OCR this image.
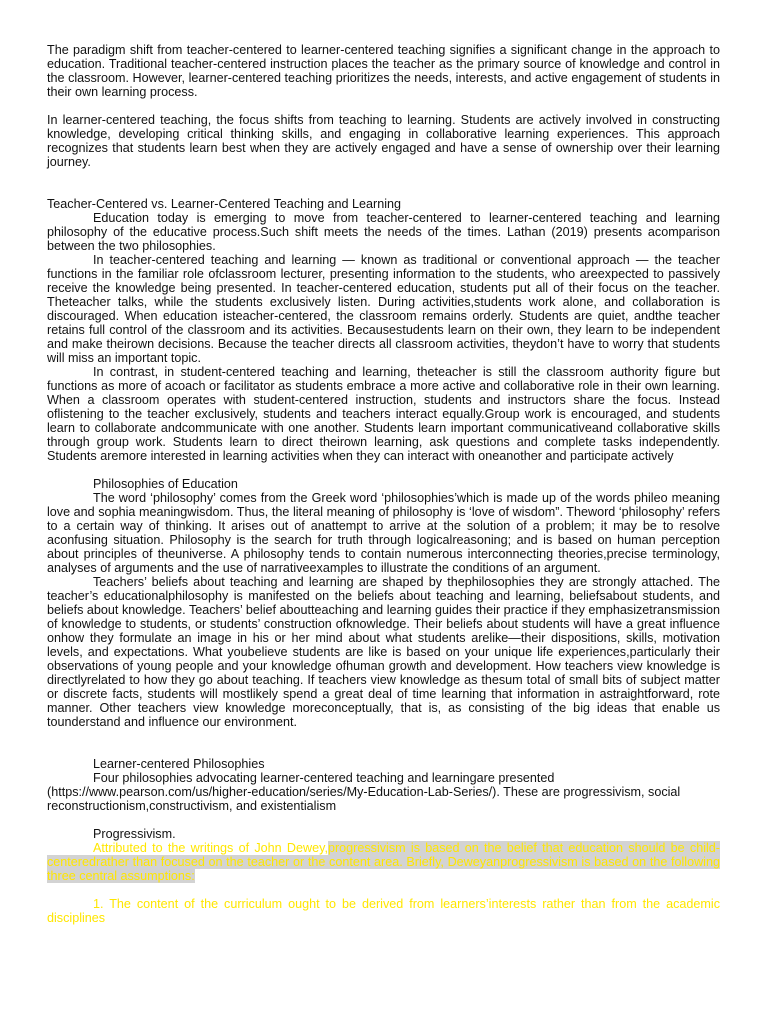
The paradigm shift from teacher-centered to learner-centered teaching signifies a significant change in the approach to education. Traditional teacher-centered instruction places the teacher as the primary source of knowledge and control in the classroom. However, learner-centered teaching prioritizes the needs, interests, and active engagement of students in their own learning process.

In learner-centered teaching, the focus shifts from teaching to learning. Students are actively involved in constructing knowledge, developing critical thinking skills, and engaging in collaborative learning experiences. This approach recognizes that students learn best when they are actively engaged and have a sense of ownership over their learning journey.

Teacher-Centered vs. Learner-Centered Teaching and Learning

Education today is emerging to move from teacher-centered to learner-centered teaching and learning philosophy of the educative process.Such shift meets the needs of the times. Lathan (2019) presents acomparison between the two philosophies.

In teacher-centered teaching and learning — known as traditional or conventional approach — the teacher functions in the familiar role ofclassroom lecturer, presenting information to the students, who areexpected to passively receive the knowledge being presented. In teacher-centered education, students put all of their focus on the teacher. Theteacher talks, while the students exclusively listen. During activities,students work alone, and collaboration is discouraged. When education isteacher-centered, the classroom remains orderly. Students are quiet, andthe teacher retains full control of the classroom and its activities. Becausestudents learn on their own, they learn to be independent and make theirown decisions. Because the teacher directs all classroom activities, theydon’t have to worry that students will miss an important topic.

In contrast, in student-centered teaching and learning, theteacher is still the classroom authority figure but functions as more of acoach or facilitator as students embrace a more active and collaborative role in their own learning. When a classroom operates with student-centered instruction, students and instructors share the focus. Instead oflistening to the teacher exclusively, students and teachers interact equally.Group work is encouraged, and students learn to collaborate andcommunicate with one another. Students learn important communicativeand collaborative skills through group work. Students learn to direct theirown learning, ask questions and complete tasks independently. Students aremore interested in learning activities when they can interact with oneanother and participate actively

Philosophies of Education

The word ‘philosophy’ comes from the Greek word ‘philosophies’which is made up of the words phileo meaning love and sophia meaningwisdom. Thus, the literal meaning of philosophy is ‘love of wisdom”. Theword ‘philosophy’ refers to a certain way of thinking. It arises out of anattempt to arrive at the solution of a problem; it may be to resolve aconfusing situation. Philosophy is the search for truth through logicalreasoning; and is based on human perception about principles of theuniverse. A philosophy tends to contain numerous interconnecting theories,precise terminology, analyses of arguments and the use of narrativeexamples to illustrate the conditions of an argument.

Teachers’ beliefs about teaching and learning are shaped by thephilosophies they are strongly attached. The teacher’s educationalphilosophy is manifested on the beliefs about teaching and learning, beliefsabout students, and beliefs about knowledge. Teachers’ belief aboutteaching and learning guides their practice if they emphasizetransmission of knowledge to students, or students’ construction ofknowledge. Their beliefs about students will have a great influence onhow they formulate an image in his or her mind about what students arelike—their dispositions, skills, motivation levels, and expectations. What youbelieve students are like is based on your unique life experiences,particularly their observations of young people and your knowledge ofhuman growth and development. How teachers view knowledge is directlyrelated to how they go about teaching. If teachers view knowledge as thesum total of small bits of subject matter or discrete facts, students will mostlikely spend a great deal of time learning that information in astraightforward, rote manner. Other teachers view knowledge moreconceptually, that is, as consisting of the big ideas that enable us tounderstand and influence our environment.

Learner-centered Philosophies

Four philosophies advocating learner-centered teaching and learningare presented

(https://www.pearson.com/us/higher-education/series/My-Education-Lab-Series/). These are progressivism, social reconstructionism,constructivism, and existentialism

Progressivism.

Attributed to the writings of John Dewey,progressivism is based on the belief that education should be child-centeredrather than focused on the teacher or the content area. Briefly, Deweyanprogressivism is based on the following three central assumptions:

1. The content of the curriculum ought to be derived from learners’interests rather than from the academic disciplines
